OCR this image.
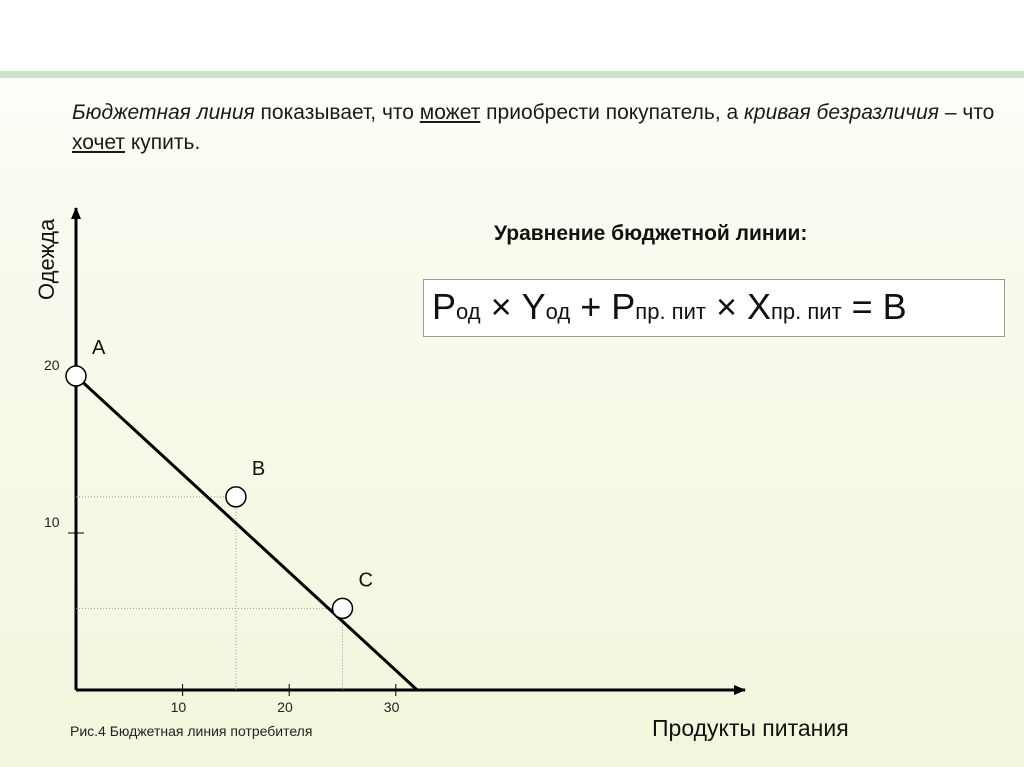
Бюджетная линия показывает, что может приобрести покупатель, а кривая безразличия – что хочет купить.
Уравнение бюджетной линии:
Pод × Yод + Pпр. пит × Xпр. пит = B
10	20	30
10
20
A
B
C
Одежда
Продукты питания
Рис.4 Бюджетная линия потребителя
